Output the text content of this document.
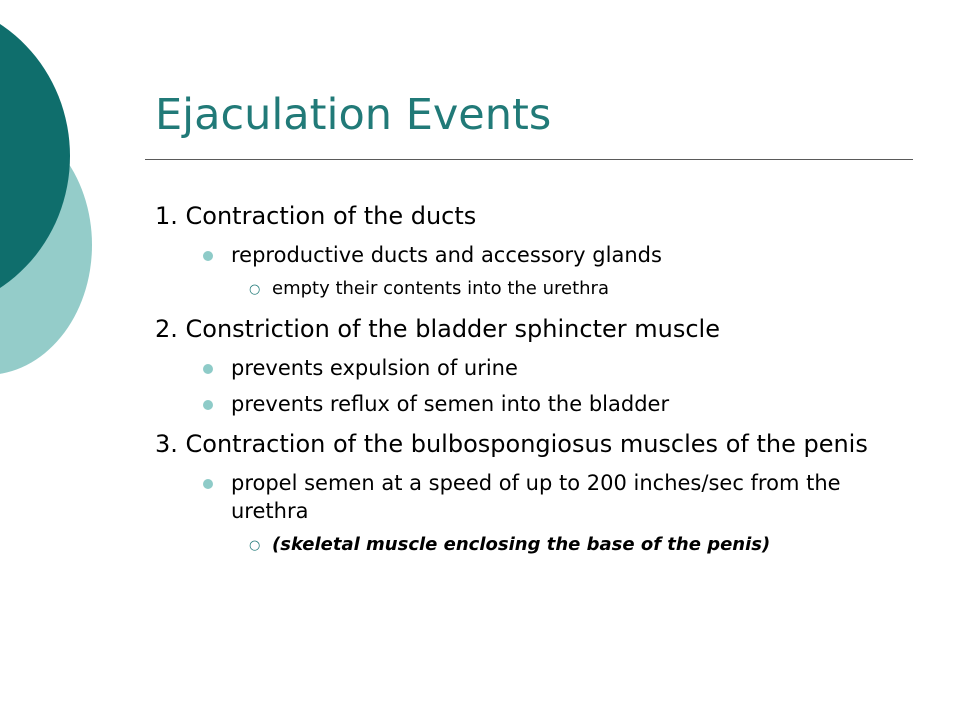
Ejaculation Events

1. Contraction of the ducts

reproductive ducts and accessory glands
○ empty their contents into the urethra

2. Constriction of the bladder sphincter muscle

prevents expulsion of urine
prevents reflux of semen into the bladder

3. Contraction of the bulbospongiosus muscles of the penis

propel semen at a speed of up to 200 inches/sec from the urethra
○ (skeletal muscle enclosing the base of the penis)
